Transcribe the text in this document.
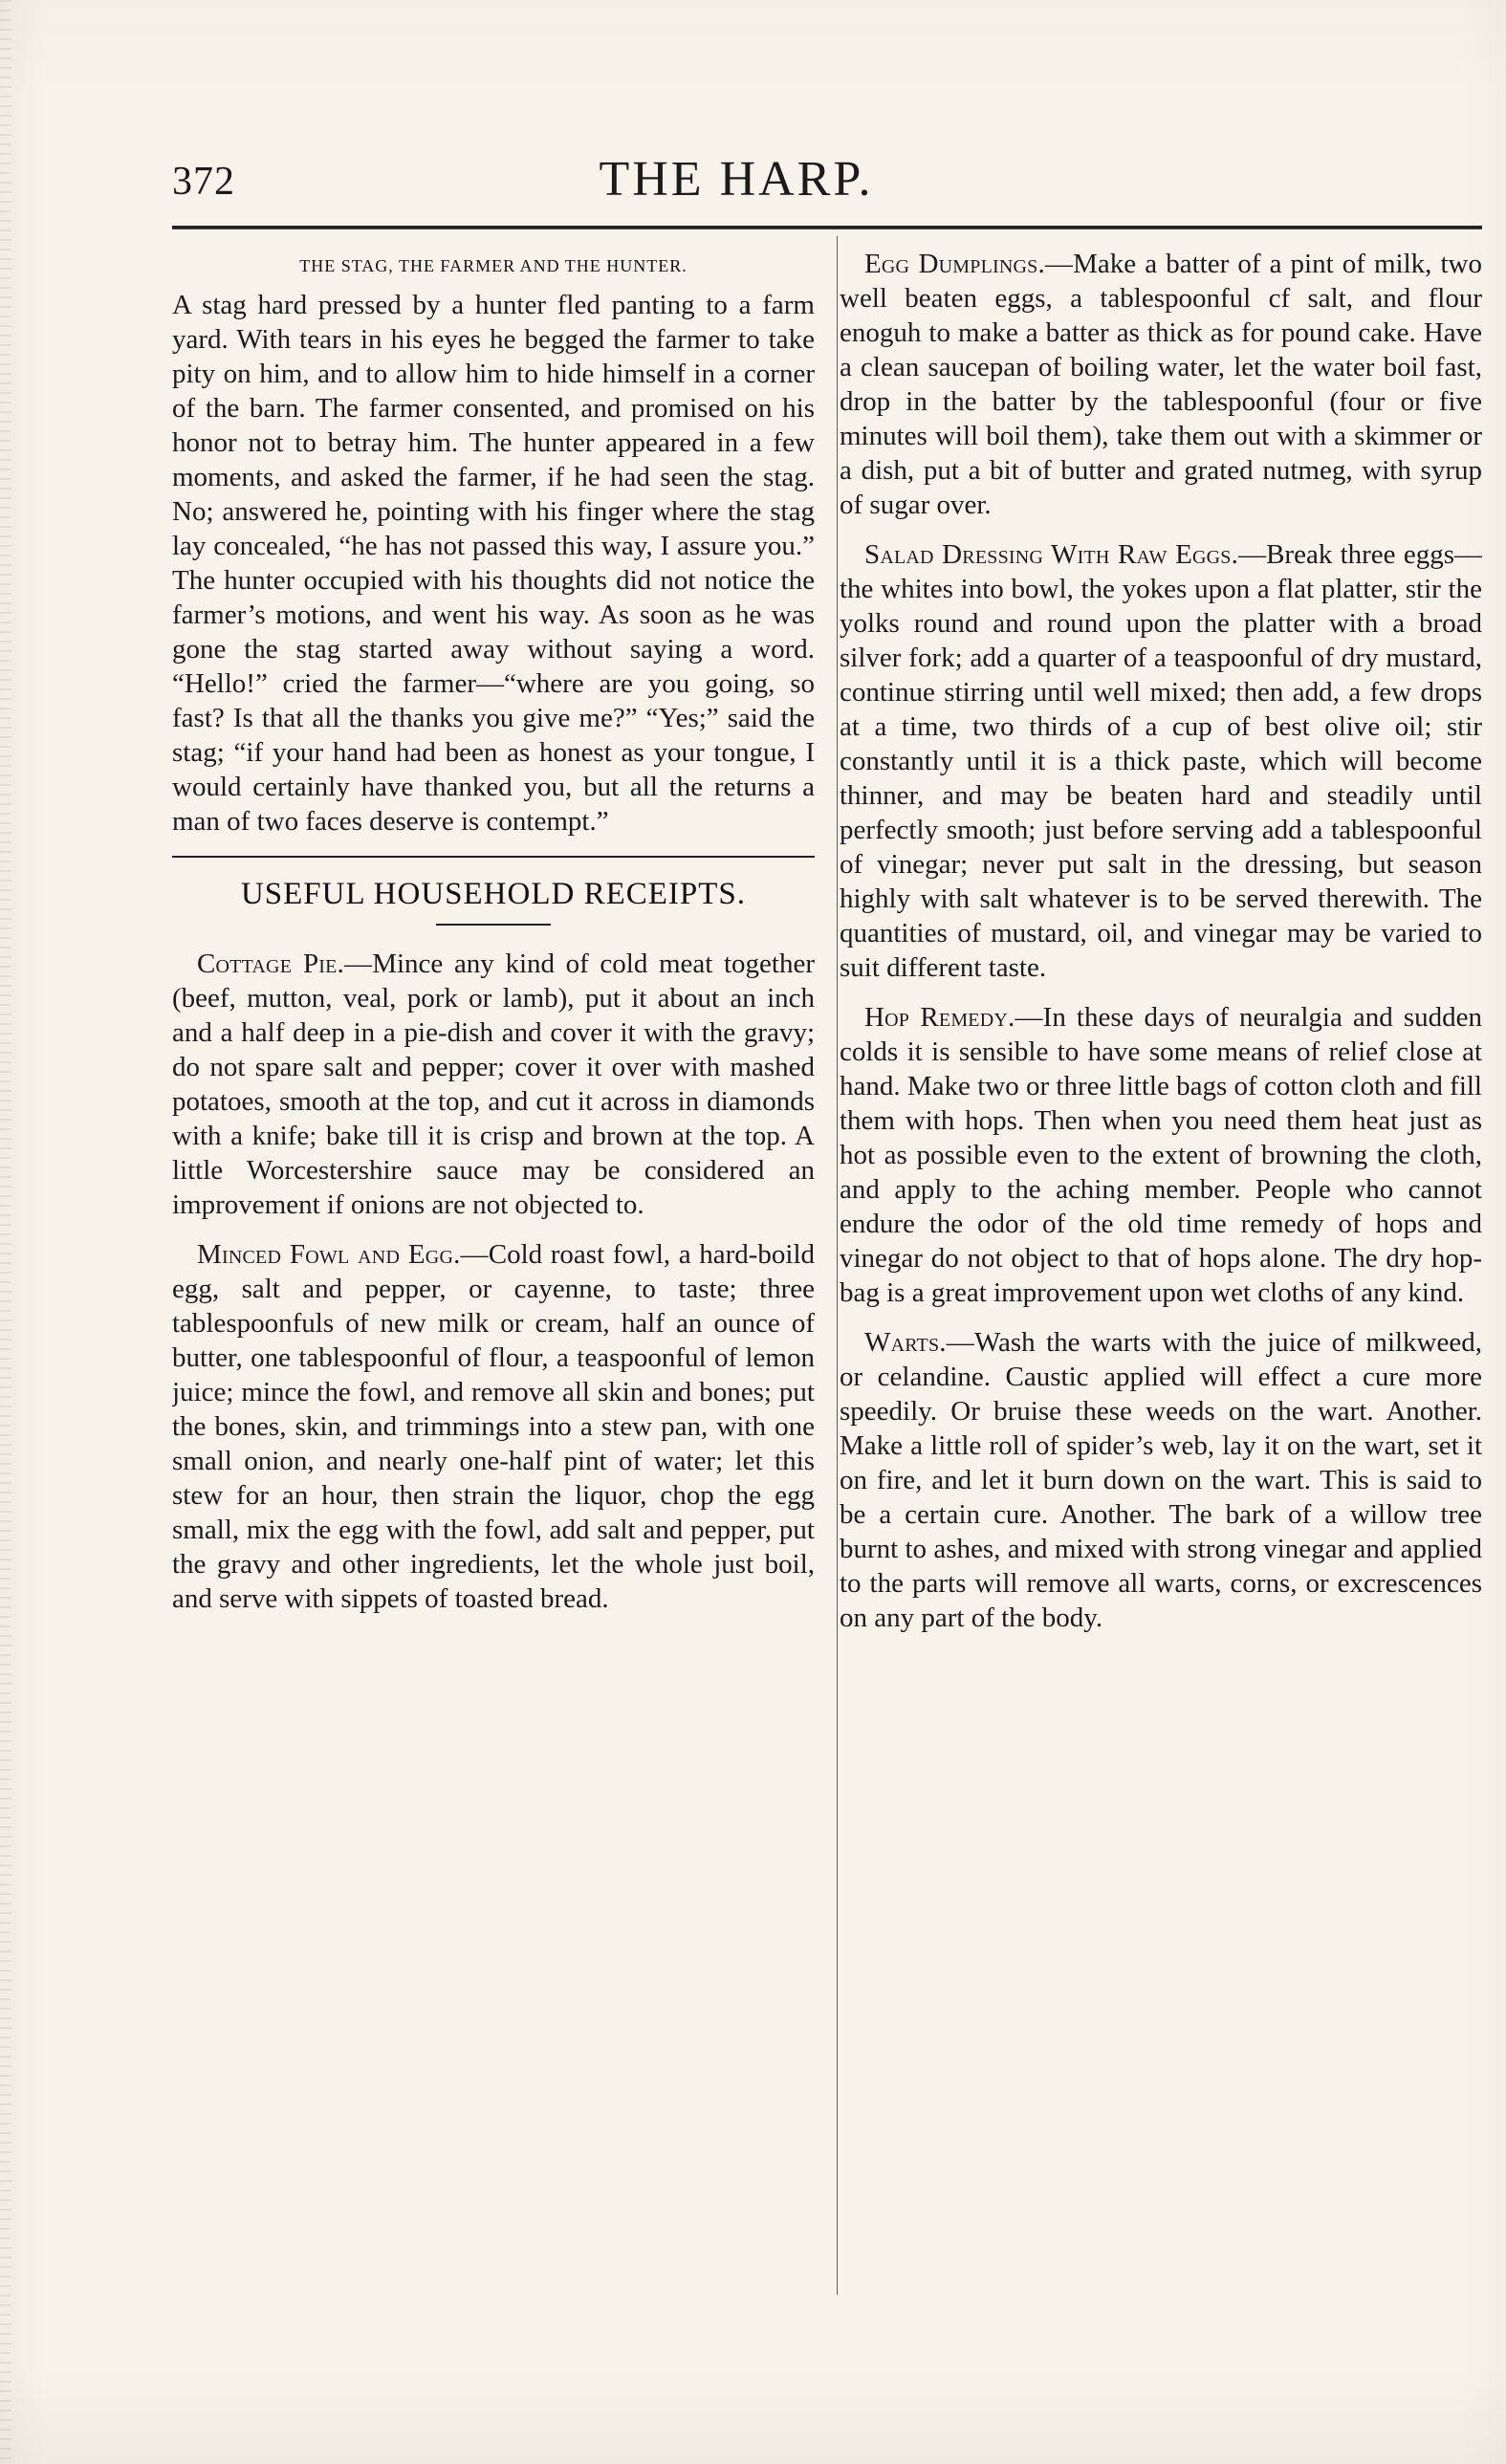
372	THE HARP.
THE STAG, THE FARMER AND THE HUNTER.

A stag hard pressed by a hunter fled panting to a farm yard. With tears in his eyes he begged the farmer to take pity on him, and to allow him to hide himself in a corner of the barn. The farmer consented, and promised on his honor not to betray him. The hunter appeared in a few moments, and asked the farmer, if he had seen the stag. No; answered he, pointing with his finger where the stag lay concealed, “he has not passed this way, I assure you.” The hunter occupied with his thoughts did not notice the farmer’s motions, and went his way. As soon as he was gone the stag started away without saying a word. “Hello!” cried the farmer—“where are you going, so fast? Is that all the thanks you give me?” “Yes;” said the stag; “if your hand had been as honest as your tongue, I would certainly have thanked you, but all the returns a man of two faces deserve is contempt.”

USEFUL HOUSEHOLD RECEIPTS.

Cottage Pie.—Mince any kind of cold meat together (beef, mutton, veal, pork or lamb), put it about an inch and a half deep in a pie-dish and cover it with the gravy; do not spare salt and pepper; cover it over with mashed potatoes, smooth at the top, and cut it across in diamonds with a knife; bake till it is crisp and brown at the top. A little Worcestershire sauce may be considered an improvement if onions are not objected to.

Minced Fowl and Egg.—Cold roast fowl, a hard-boild egg, salt and pepper, or cayenne, to taste; three tablespoonfuls of new milk or cream, half an ounce of butter, one tablespoonful of flour, a teaspoonful of lemon juice; mince the fowl, and remove all skin and bones; put the bones, skin, and trimmings into a stew pan, with one small onion, and nearly one-half pint of water; let this stew for an hour, then strain the liquor, chop the egg small, mix the egg with the fowl, add salt and pepper, put the gravy and other ingredients, let the whole just boil, and serve with sippets of toasted bread.

Egg Dumplings.—Make a batter of a pint of milk, two well beaten eggs, a tablespoonful cf salt, and flour enoguh to make a batter as thick as for pound cake. Have a clean saucepan of boiling water, let the water boil fast, drop in the batter by the tablespoonful (four or five minutes will boil them), take them out with a skimmer or a dish, put a bit of butter and grated nutmeg, with syrup of sugar over.

Salad Dressing With Raw Eggs.—Break three eggs—the whites into bowl, the yokes upon a flat platter, stir the yolks round and round upon the platter with a broad silver fork; add a quarter of a teaspoonful of dry mustard, continue stirring until well mixed; then add, a few drops at a time, two thirds of a cup of best olive oil; stir constantly until it is a thick paste, which will become thinner, and may be beaten hard and steadily until perfectly smooth; just before serving add a tablespoonful of vinegar; never put salt in the dressing, but season highly with salt whatever is to be served therewith. The quantities of mustard, oil, and vinegar may be varied to suit different taste.

Hop Remedy.—In these days of neuralgia and sudden colds it is sensible to have some means of relief close at hand. Make two or three little bags of cotton cloth and fill them with hops. Then when you need them heat just as hot as possible even to the extent of browning the cloth, and apply to the aching member. People who cannot endure the odor of the old time remedy of hops and vinegar do not object to that of hops alone. The dry hop-bag is a great improvement upon wet cloths of any kind.

Warts.—Wash the warts with the juice of milkweed, or celandine. Caustic applied will effect a cure more speedily. Or bruise these weeds on the wart. Another. Make a little roll of spider’s web, lay it on the wart, set it on fire, and let it burn down on the wart. This is said to be a certain cure. Another. The bark of a willow tree burnt to ashes, and mixed with strong vinegar and applied to the parts will remove all warts, corns, or excrescences on any part of the body.
